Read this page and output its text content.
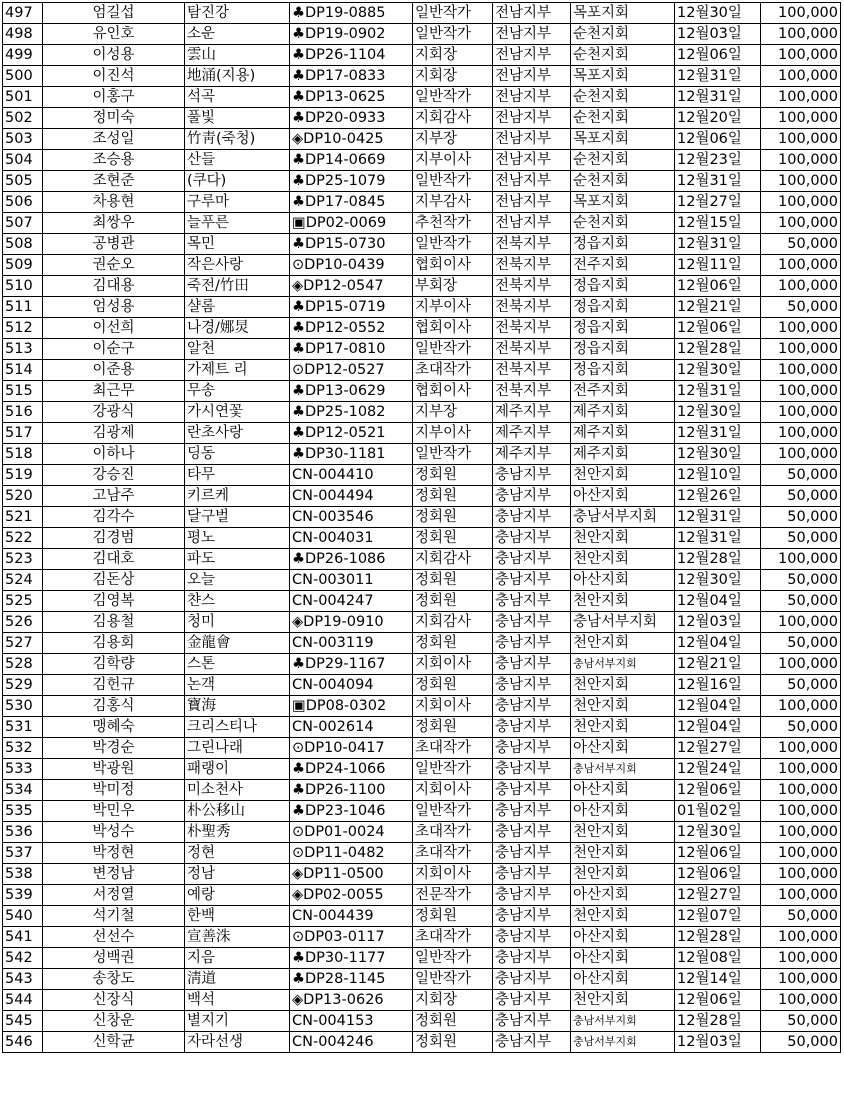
497	엄길섭	탐진강	♣DP19-0885	일반작가	전남지부	목포지회	12월30일	100,000
498	유인호	소운	♣DP19-0902	일반작가	전남지부	순천지회	12월03일	100,000
499	이성용	雲山	♣DP26-1104	지회장	전남지부	순천지회	12월06일	100,000
500	이진석	地涌(지용)	♣DP17-0833	지회장	전남지부	목포지회	12월31일	100,000
501	이홍구	석곡	♣DP13-0625	일반작가	전남지부	순천지회	12월31일	100,000
502	정미숙	풀빛	♣DP20-0933	지회감사	전남지부	순천지회	12월20일	100,000
503	조성일	竹靑(죽청)	◈DP10-0425	지부장	전남지부	목포지회	12월06일	100,000
504	조승용	산들	♣DP14-0669	지부이사	전남지부	순천지회	12월23일	100,000
505	조현준	(쿠다)	♣DP25-1079	일반작가	전남지부	순천지회	12월31일	100,000
506	차용현	구루마	♣DP17-0845	지부감사	전남지부	목포지회	12월27일	100,000
507	최쌍우	늘푸른	▣DP02-0069	추천작가	전남지부	순천지회	12월15일	100,000
508	공병관	목민	♣DP15-0730	일반작가	전북지부	정읍지회	12월31일	50,000
509	권순오	작은사랑	⊙DP10-0439	협회이사	전북지부	전주지회	12월11일	100,000
510	김대용	죽전/竹田	◈DP12-0547	부회장	전북지부	정읍지회	12월06일	100,000
511	엄성용	샬롬	♣DP15-0719	지부이사	전북지부	정읍지회	12월21일	50,000
512	이선희	나경/娜炅	♣DP12-0552	협회이사	전북지부	정읍지회	12월06일	100,000
513	이순구	알천	♣DP17-0810	일반작가	전북지부	정읍지회	12월28일	100,000
514	이준용	가제트 리	⊙DP12-0527	초대작가	전북지부	정읍지회	12월30일	100,000
515	최근무	무송	♣DP13-0629	협회이사	전북지부	전주지회	12월31일	100,000
516	강광식	가시연꽃	♣DP25-1082	지부장	제주지부	제주지회	12월30일	100,000
517	김광제	란초사랑	♣DP12-0521	지부이사	제주지부	제주지회	12월31일	100,000
518	이하나	딩동	♣DP30-1181	일반작가	제주지부	제주지회	12월30일	100,000
519	강승진	타무	CN-004410	정회원	충남지부	천안지회	12월10일	50,000
520	고남주	키르케	CN-004494	정회원	충남지부	아산지회	12월26일	50,000
521	김각수	달구벌	CN-003546	정회원	충남지부	충남서부지회	12월31일	50,000
522	김경범	평노	CN-004031	정회원	충남지부	천안지회	12월31일	50,000
523	김대호	파도	♣DP26-1086	지회감사	충남지부	천안지회	12월28일	100,000
524	김돈상	오늘	CN-003011	정회원	충남지부	아산지회	12월30일	50,000
525	김영복	챤스	CN-004247	정회원	충남지부	천안지회	12월04일	50,000
526	김용철	청미	◈DP19-0910	지회감사	충남지부	충남서부지회	12월03일	100,000
527	김용회	金龍會	CN-003119	정회원	충남지부	천안지회	12월04일	50,000
528	김학량	스톤	♣DP29-1167	지회이사	충남지부	충남서부지회	12월21일	100,000
529	김헌규	논객	CN-004094	정회원	충남지부	천안지회	12월16일	50,000
530	김홍식	寶海	▣DP08-0302	지회이사	충남지부	천안지회	12월04일	100,000
531	맹혜숙	크리스티나	CN-002614	정회원	충남지부	천안지회	12월04일	50,000
532	박경순	그린나래	⊙DP10-0417	초대작가	충남지부	아산지회	12월27일	100,000
533	박광원	패랭이	♣DP24-1066	일반작가	충남지부	충남서부지회	12월24일	100,000
534	박미정	미소천사	♣DP26-1100	지회이사	충남지부	아산지회	12월06일	100,000
535	박민우	朴公移山	♣DP23-1046	일반작가	충남지부	아산지회	01월02일	100,000
536	박성수	朴聖秀	⊙DP01-0024	초대작가	충남지부	천안지회	12월30일	100,000
537	박정현	정현	⊙DP11-0482	초대작가	충남지부	천안지회	12월06일	100,000
538	변정남	정남	◈DP11-0500	지회이사	충남지부	천안지회	12월06일	100,000
539	서정열	예랑	◈DP02-0055	전문작가	충남지부	아산지회	12월27일	100,000
540	석기철	한백	CN-004439	정회원	충남지부	천안지회	12월07일	50,000
541	선선수	宣善洙	⊙DP03-0117	초대작가	충남지부	아산지회	12월28일	100,000
542	성백권	지음	♣DP30-1177	일반작가	충남지부	아산지회	12월08일	100,000
543	송창도	淸道	♣DP28-1145	일반작가	충남지부	아산지회	12월14일	100,000
544	신장식	백석	◈DP13-0626	지회장	충남지부	천안지회	12월06일	100,000
545	신창운	별지기	CN-004153	정회원	충남지부	충남서부지회	12월28일	50,000
546	신학균	자라선생	CN-004246	정회원	충남지부	충남서부지회	12월03일	50,000
